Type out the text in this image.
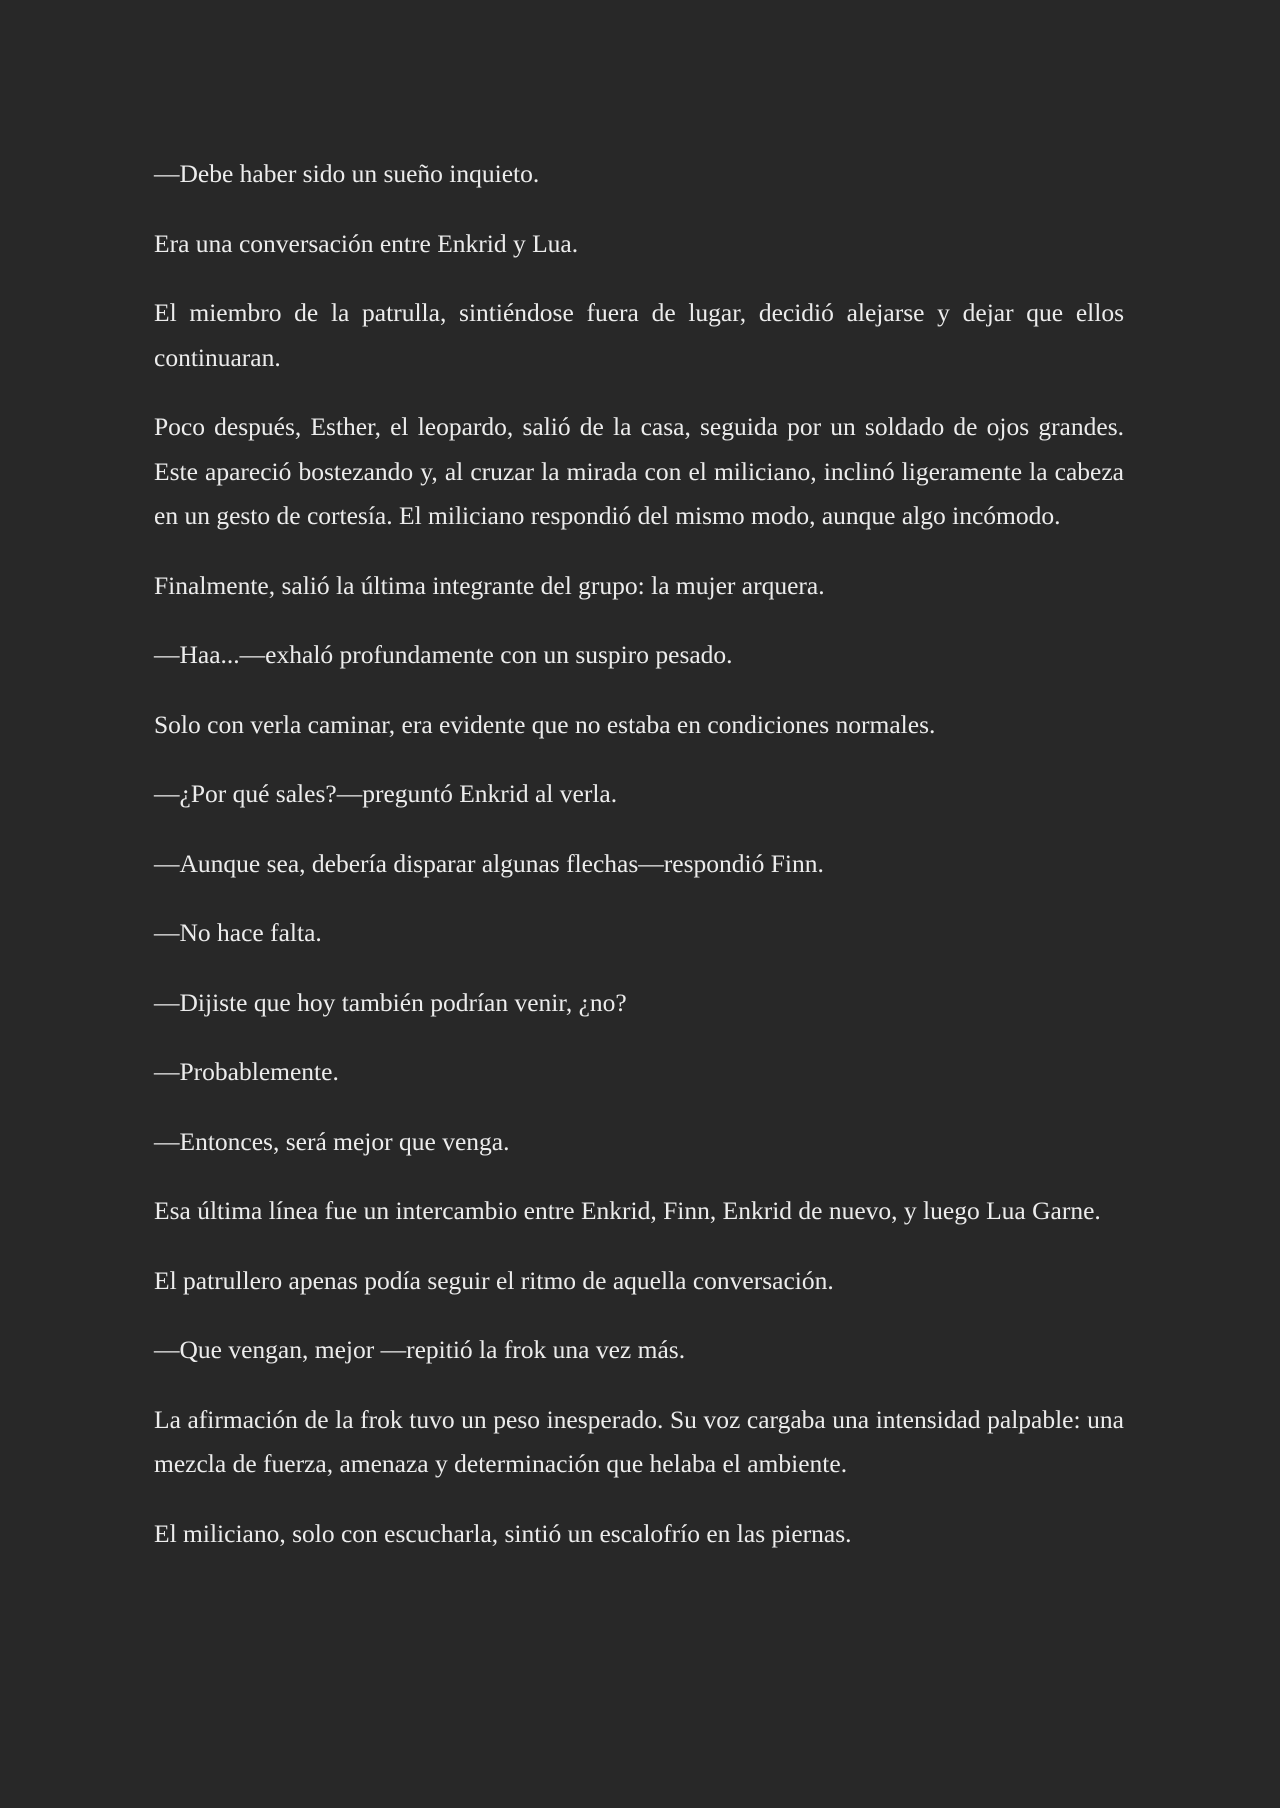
—Debe haber sido un sueño inquieto.

Era una conversación entre Enkrid y Lua.

El miembro de la patrulla, sintiéndose fuera de lugar, decidió alejarse y dejar que ellos continuaran.

Poco después, Esther, el leopardo, salió de la casa, seguida por un soldado de ojos grandes. Este apareció bostezando y, al cruzar la mirada con el miliciano, inclinó ligeramente la cabeza en un gesto de cortesía. El miliciano respondió del mismo modo, aunque algo incómodo.

Finalmente, salió la última integrante del grupo: la mujer arquera.

—Haa...—exhaló profundamente con un suspiro pesado.

Solo con verla caminar, era evidente que no estaba en condiciones normales.

—¿Por qué sales?—preguntó Enkrid al verla.

—Aunque sea, debería disparar algunas flechas—respondió Finn.

—No hace falta.

—Dijiste que hoy también podrían venir, ¿no?

—Probablemente.

—Entonces, será mejor que venga.

Esa última línea fue un intercambio entre Enkrid, Finn, Enkrid de nuevo, y luego Lua Garne.

El patrullero apenas podía seguir el ritmo de aquella conversación.

—Que vengan, mejor —repitió la frok una vez más.

La afirmación de la frok tuvo un peso inesperado. Su voz cargaba una intensidad palpable: una mezcla de fuerza, amenaza y determinación que helaba el ambiente.

El miliciano, solo con escucharla, sintió un escalofrío en las piernas.
